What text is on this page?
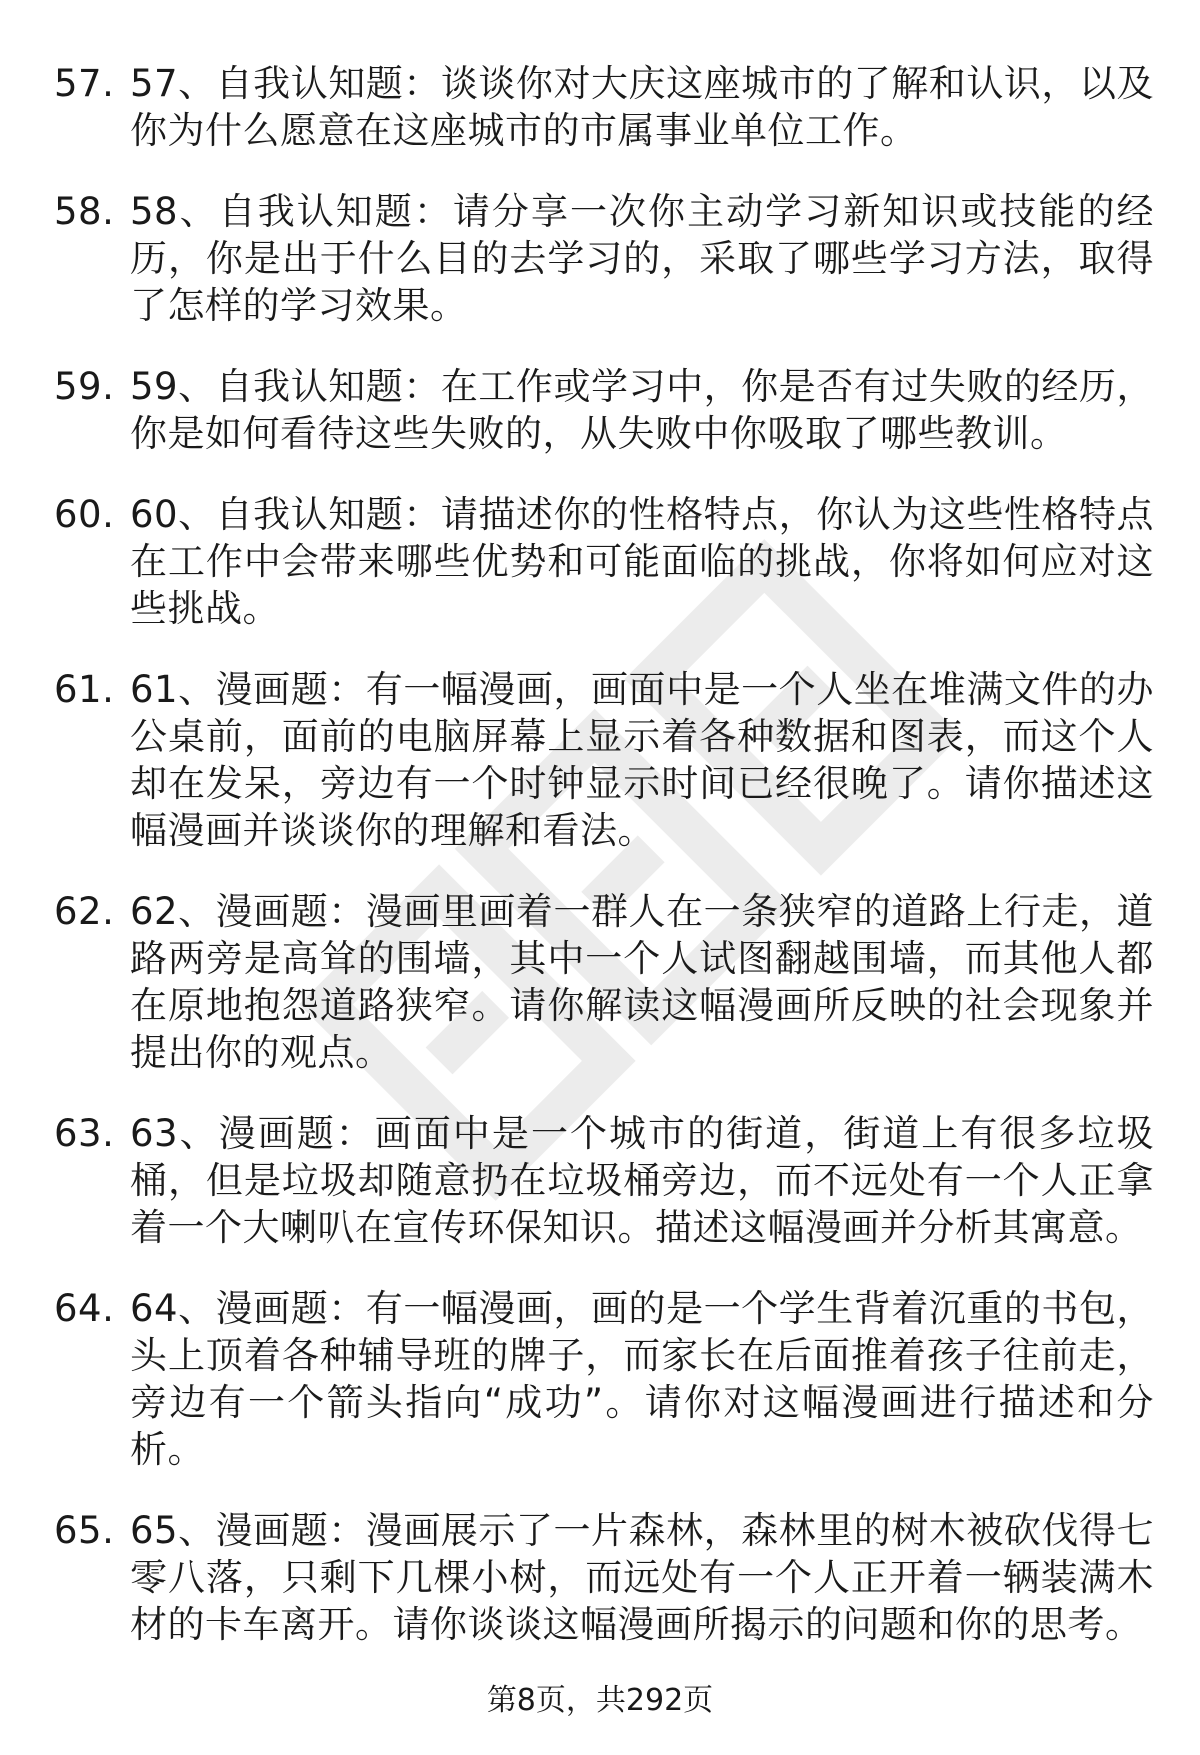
57. 57、自我认知题：谈谈你对大庆这座城市的了解和认识，以及你为什么愿意在这座城市的市属事业单位工作。
58. 58、自我认知题：请分享一次你主动学习新知识或技能的经历，你是出于什么目的去学习的，采取了哪些学习方法，取得了怎样的学习效果。
59. 59、自我认知题：在工作或学习中，你是否有过失败的经历，你是如何看待这些失败的，从失败中你吸取了哪些教训。
60. 60、自我认知题：请描述你的性格特点，你认为这些性格特点在工作中会带来哪些优势和可能面临的挑战，你将如何应对这些挑战。
61. 61、漫画题：有一幅漫画，画面中是一个人坐在堆满文件的办公桌前，面前的电脑屏幕上显示着各种数据和图表，而这个人却在发呆，旁边有一个时钟显示时间已经很晚了。请你描述这幅漫画并谈谈你的理解和看法。
62. 62、漫画题：漫画里画着一群人在一条狭窄的道路上行走，道路两旁是高耸的围墙，其中一个人试图翻越围墙，而其他人都在原地抱怨道路狭窄。请你解读这幅漫画所反映的社会现象并提出你的观点。
63. 63、漫画题：画面中是一个城市的街道，街道上有很多垃圾桶，但是垃圾却随意扔在垃圾桶旁边，而不远处有一个人正拿着一个大喇叭在宣传环保知识。描述这幅漫画并分析其寓意。
64. 64、漫画题：有一幅漫画，画的是一个学生背着沉重的书包，头上顶着各种辅导班的牌子，而家长在后面推着孩子往前走，旁边有一个箭头指向“成功”。请你对这幅漫画进行描述和分析。
65. 65、漫画题：漫画展示了一片森林，森林里的树木被砍伐得七零八落，只剩下几棵小树，而远处有一个人正开着一辆装满木材的卡车离开。请你谈谈这幅漫画所揭示的问题和你的思考。
第8页，共292页
